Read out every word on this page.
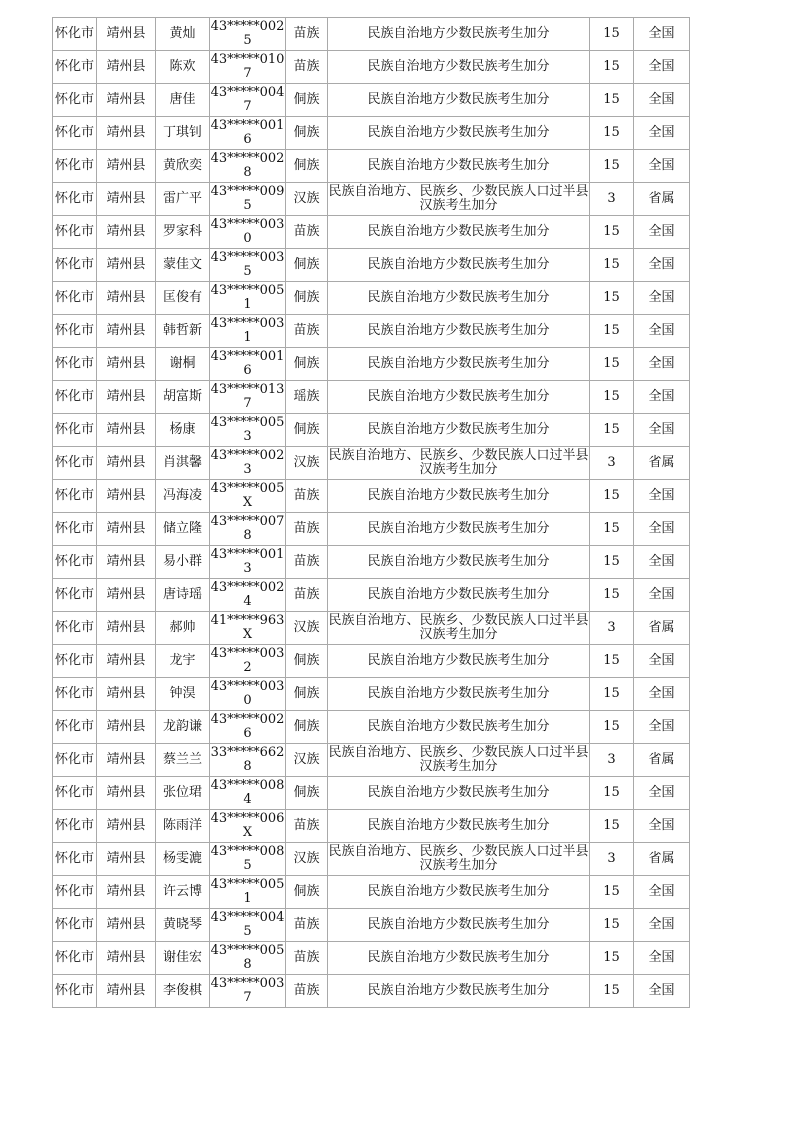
怀化市	靖州县	黄灿	43*****0025	苗族	民族自治地方少数民族考生加分	15	全国
怀化市	靖州县	陈欢	43*****0107	苗族	民族自治地方少数民族考生加分	15	全国
怀化市	靖州县	唐佳	43*****0047	侗族	民族自治地方少数民族考生加分	15	全国
怀化市	靖州县	丁琪钊	43*****0016	侗族	民族自治地方少数民族考生加分	15	全国
怀化市	靖州县	黄欣奕	43*****0028	侗族	民族自治地方少数民族考生加分	15	全国
怀化市	靖州县	雷广平	43*****0095	汉族	民族自治地方、民族乡、少数民族人口过半县汉族考生加分	3	省属
怀化市	靖州县	罗家科	43*****0030	苗族	民族自治地方少数民族考生加分	15	全国
怀化市	靖州县	蒙佳文	43*****0035	侗族	民族自治地方少数民族考生加分	15	全国
怀化市	靖州县	匡俊有	43*****0051	侗族	民族自治地方少数民族考生加分	15	全国
怀化市	靖州县	韩哲新	43*****0031	苗族	民族自治地方少数民族考生加分	15	全国
怀化市	靖州县	谢桐	43*****0016	侗族	民族自治地方少数民族考生加分	15	全国
怀化市	靖州县	胡富斯	43*****0137	瑶族	民族自治地方少数民族考生加分	15	全国
怀化市	靖州县	杨康	43*****0053	侗族	民族自治地方少数民族考生加分	15	全国
怀化市	靖州县	肖淇馨	43*****0023	汉族	民族自治地方、民族乡、少数民族人口过半县汉族考生加分	3	省属
怀化市	靖州县	冯海凌	43*****005X	苗族	民族自治地方少数民族考生加分	15	全国
怀化市	靖州县	储立隆	43*****0078	苗族	民族自治地方少数民族考生加分	15	全国
怀化市	靖州县	易小群	43*****0013	苗族	民族自治地方少数民族考生加分	15	全国
怀化市	靖州县	唐诗瑶	43*****0024	苗族	民族自治地方少数民族考生加分	15	全国
怀化市	靖州县	郝帅	41*****963X	汉族	民族自治地方、民族乡、少数民族人口过半县汉族考生加分	3	省属
怀化市	靖州县	龙宇	43*****0032	侗族	民族自治地方少数民族考生加分	15	全国
怀化市	靖州县	钟淏	43*****0030	侗族	民族自治地方少数民族考生加分	15	全国
怀化市	靖州县	龙韵谦	43*****0026	侗族	民族自治地方少数民族考生加分	15	全国
怀化市	靖州县	蔡兰兰	33*****6628	汉族	民族自治地方、民族乡、少数民族人口过半县汉族考生加分	3	省属
怀化市	靖州县	张位珺	43*****0084	侗族	民族自治地方少数民族考生加分	15	全国
怀化市	靖州县	陈雨洋	43*****006X	苗族	民族自治地方少数民族考生加分	15	全国
怀化市	靖州县	杨雯漉	43*****0085	汉族	民族自治地方、民族乡、少数民族人口过半县汉族考生加分	3	省属
怀化市	靖州县	许云博	43*****0051	侗族	民族自治地方少数民族考生加分	15	全国
怀化市	靖州县	黄晓琴	43*****0045	苗族	民族自治地方少数民族考生加分	15	全国
怀化市	靖州县	谢佳宏	43*****0058	苗族	民族自治地方少数民族考生加分	15	全国
怀化市	靖州县	李俊棋	43*****0037	苗族	民族自治地方少数民族考生加分	15	全国
